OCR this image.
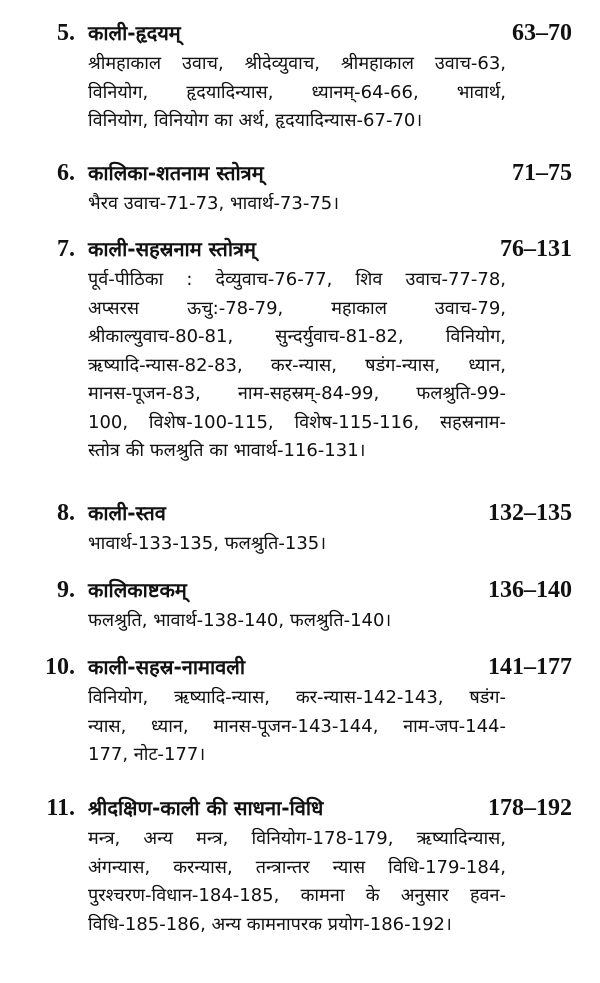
5. काली-हृदयम्	63–70
श्रीमहाकाल उवाच, श्रीदेव्युवाच, श्रीमहाकाल उवाच-63,
विनियोग, हृदयादिन्यास, ध्यानम्-64-66, भावार्थ,
विनियोग, विनियोग का अर्थ, हृदयादिन्यास-67-70।
6. कालिका-शतनाम स्तोत्रम्	71–75
भैरव उवाच-71-73, भावार्थ-73-75।
7. काली-सहस्रनाम स्तोत्रम्	76–131
पूर्व-पीठिका : देव्युवाच-76-77, शिव उवाच-77-78,
अप्सरस ऊचु:-78-79, महाकाल उवाच-79,
श्रीकाल्युवाच-80-81, सुन्दर्युवाच-81-82, विनियोग,
ऋष्यादि-न्यास-82-83, कर-न्यास, षडंग-न्यास, ध्यान,
मानस-पूजन-83, नाम-सहस्रम्-84-99, फलश्रुति-99-
100, विशेष-100-115, विशेष-115-116, सहस्रनाम-
स्तोत्र की फलश्रुति का भावार्थ-116-131।
8. काली-स्तव	132–135
भावार्थ-133-135, फलश्रुति-135।
9. कालिकाष्टकम्	136–140
फलश्रुति, भावार्थ-138-140, फलश्रुति-140।
10. काली-सहस्र-नामावली	141–177
विनियोग, ऋष्यादि-न्यास, कर-न्यास-142-143, षडंग-
न्यास, ध्यान, मानस-पूजन-143-144, नाम-जप-144-
177, नोट-177।
11. श्रीदक्षिण-काली की साधना-विधि	178–192
मन्त्र, अन्य मन्त्र, विनियोग-178-179, ऋष्यादिन्यास,
अंगन्यास, करन्यास, तन्त्रान्तर न्यास विधि-179-184,
पुरश्चरण-विधान-184-185, कामना के अनुसार हवन-
विधि-185-186, अन्य कामनापरक प्रयोग-186-192।
